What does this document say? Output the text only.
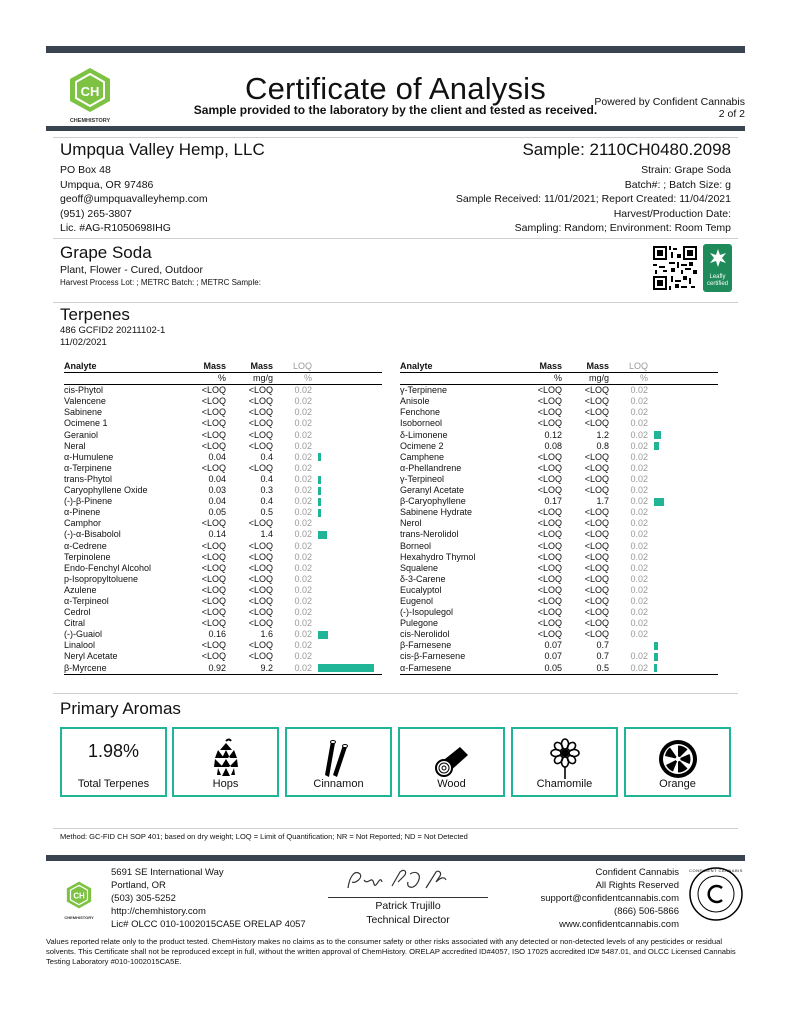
CH
CHEMHISTORY
Certificate of Analysis
Sample provided to the laboratory by the client and tested as received.
Powered by Confident Cannabis
2 of 2
Umpqua Valley Hemp, LLC
PO Box 48
Umpqua, OR 97486
geoff@umpquavalleyhemp.com
(951) 265-3807
Lic. #AG-R1050698IHG
Sample: 2110CH0480.2098
Strain: Grape Soda
Batch#: ; Batch Size: g
Sample Received: 11/01/2021; Report Created: 11/04/2021
Harvest/Production Date:
Sampling: Random; Environment: Room Temp
Grape Soda
Plant, Flower - Cured, Outdoor
Harvest Process Lot: ; METRC Batch: ; METRC Sample:
Leafly certified
Terpenes
486 GCFID2 20211102-1
11/02/2021
Analyte	Mass	Mass	LOQ	
	%	mg/g	%	
cis-Phytol	<LOQ	<LOQ	0.02	
Valencene	<LOQ	<LOQ	0.02	
Sabinene	<LOQ	<LOQ	0.02	
Ocimene 1	<LOQ	<LOQ	0.02	
Geraniol	<LOQ	<LOQ	0.02	
Neral	<LOQ	<LOQ	0.02	
α-Humulene	0.04	0.4	0.02	
α-Terpinene	<LOQ	<LOQ	0.02	
trans-Phytol	0.04	0.4	0.02	
Caryophyllene Oxide	0.03	0.3	0.02	
(-)-β-Pinene	0.04	0.4	0.02	
α-Pinene	0.05	0.5	0.02	
Camphor	<LOQ	<LOQ	0.02	
(-)-α-Bisabolol	0.14	1.4	0.02	
α-Cedrene	<LOQ	<LOQ	0.02	
Terpinolene	<LOQ	<LOQ	0.02	
Endo-Fenchyl Alcohol	<LOQ	<LOQ	0.02	
p-Isopropyltoluene	<LOQ	<LOQ	0.02	
Azulene	<LOQ	<LOQ	0.02	
α-Terpineol	<LOQ	<LOQ	0.02	
Cedrol	<LOQ	<LOQ	0.02	
Citral	<LOQ	<LOQ	0.02	
(-)-Guaiol	0.16	1.6	0.02	
Linalool	<LOQ	<LOQ	0.02	
Neryl Acetate	<LOQ	<LOQ	0.02	
β-Myrcene	0.92	9.2	0.02	
Analyte	Mass	Mass	LOQ	
	%	mg/g	%	
γ-Terpinene	<LOQ	<LOQ	0.02	
Anisole	<LOQ	<LOQ	0.02	
Fenchone	<LOQ	<LOQ	0.02	
Isoborneol	<LOQ	<LOQ	0.02	
δ-Limonene	0.12	1.2	0.02	
Ocimene 2	0.08	0.8	0.02	
Camphene	<LOQ	<LOQ	0.02	
α-Phellandrene	<LOQ	<LOQ	0.02	
γ-Terpineol	<LOQ	<LOQ	0.02	
Geranyl Acetate	<LOQ	<LOQ	0.02	
β-Caryophyllene	0.17	1.7	0.02	
Sabinene Hydrate	<LOQ	<LOQ	0.02	
Nerol	<LOQ	<LOQ	0.02	
trans-Nerolidol	<LOQ	<LOQ	0.02	
Borneol	<LOQ	<LOQ	0.02	
Hexahydro Thymol	<LOQ	<LOQ	0.02	
Squalene	<LOQ	<LOQ	0.02	
δ-3-Carene	<LOQ	<LOQ	0.02	
Eucalyptol	<LOQ	<LOQ	0.02	
Eugenol	<LOQ	<LOQ	0.02	
(-)-Isopulegol	<LOQ	<LOQ	0.02	
Pulegone	<LOQ	<LOQ	0.02	
cis-Nerolidol	<LOQ	<LOQ	0.02	
β-Farnesene	0.07	0.7		
cis-β-Farnesene	0.07	0.7	0.02	
α-Farnesene	0.05	0.5	0.02	
Primary Aromas
1.98%
Total Terpenes	Hops	Cinnamon	Wood	Chamomile	Orange
Method: GC-FID CH SOP 401; based on dry weight; LOQ = Limit of Quantification; NR = Not Reported; ND = Not Detected
CH
CHEMHISTORY
5691 SE International Way
Portland, OR
(503) 305-5252
http://chemhistory.com
Lic# OLCC 010-1002015CA5E ORELAP 4057
Patrick Trujillo
Technical Director
Confident Cannabis
All Rights Reserved
support@confidentcannabis.com
(866) 506-5866
www.confidentcannabis.com
CONFIDENT CANNABIS
Values reported relate only to the product tested. ChemHistory makes no claims as to the consumer safety or other risks associated with any detected or non-detected levels of any pesticides or residual solvents. This Certificate shall not be reproduced except in full, without the written approval of ChemHistory. ORELAP accredited ID#4057, ISO 17025 accredited ID# 5487.01, and OLCC Licensed Cannabis Testing Laboratory #010-1002015CA5E.
